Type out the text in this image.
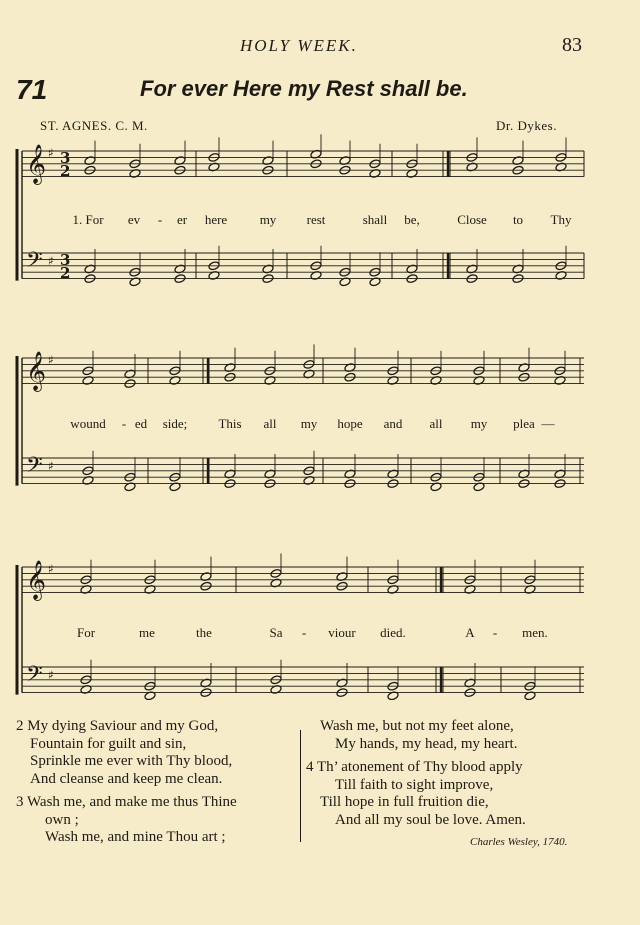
HOLY WEEK.	83
71	For ever Here my Rest shall be.
ST. AGNES. C. M.	Dr. Dykes.
𝄞
𝄢
♯
♯
3
3
2
2
𝄞
𝄢
♯
♯
𝄞
𝄢
♯
♯
1. For ev - er here	my rest	shall be,	Close to Thy
wound - ed side; This all my hope and all my plea —
For	me	the	Sa - viour died.	A - men.
2 My dying Saviour and my God,
Fountain for guilt and sin,
Sprinkle me ever with Thy blood,
And cleanse and keep me clean.
3 Wash me, and make me thus Thine
own ;
Wash me, and mine Thou art ;
Wash me, but not my feet alone,
My hands, my head, my heart.
4 Th’ atonement of Thy blood apply
Till faith to sight improve,
Till hope in full fruition die,
And all my soul be love. Amen.
Charles Wesley, 1740.
